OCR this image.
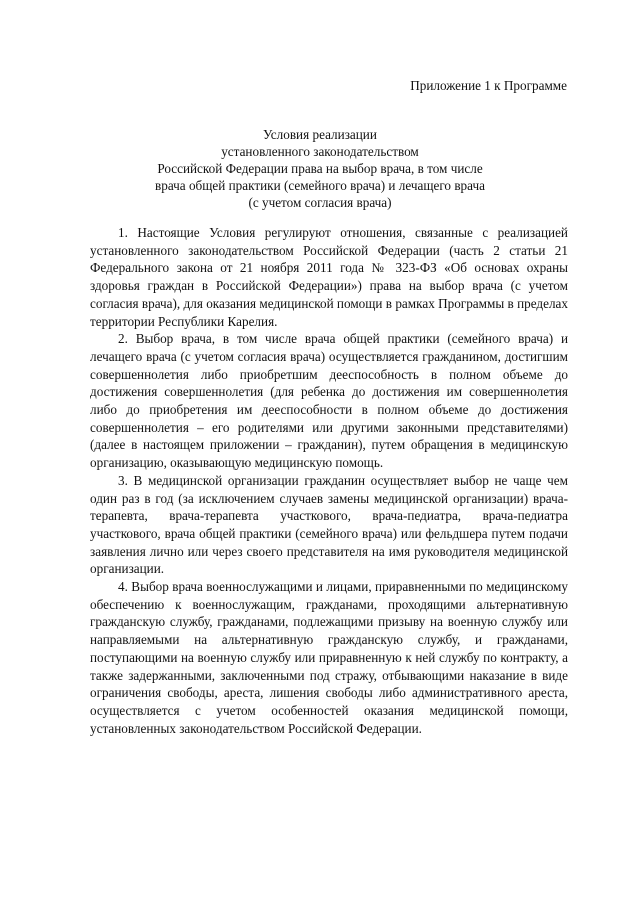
Приложение 1 к Программе
Условия реализации
установленного законодательством
Российской Федерации права на выбор врача, в том числе
врача общей практики (семейного врача) и лечащего врача
(с учетом согласия врача)

1. Настоящие Условия регулируют отношения, связанные с реализацией установленного законодательством Российской Федерации (часть 2 статьи 21 Федерального закона от 21 ноября 2011 года № 323-ФЗ «Об основах охраны здоровья граждан в Российской Федерации») права на выбор врача (с учетом согласия врача), для оказания медицинской помощи в рамках Программы в пределах территории Республики Карелия.

2. Выбор врача, в том числе врача общей практики (семейного врача) и лечащего врача (с учетом согласия врача) осуществляется гражданином, достигшим совершеннолетия либо приобретшим дееспособность в полном объеме до достижения совершеннолетия (для ребенка до достижения им совершеннолетия либо до приобретения им дееспособности в полном объеме до достижения совершеннолетия – его родителями или другими законными представителями) (далее в настоящем приложении – гражданин), путем обращения в медицинскую организацию, оказывающую медицинскую помощь.

3. В медицинской организации гражданин осуществляет выбор не чаще чем один раз в год (за исключением случаев замены медицинской организации) врача-терапевта, врача-терапевта участкового, врача-педиатра, врача-педиатра участкового, врача общей практики (семейного врача) или фельдшера путем подачи заявления лично или через своего представителя на имя руководителя медицинской организации.

4. Выбор врача военнослужащими и лицами, приравненными по медицинскому обеспечению к военнослужащим, гражданами, проходящими альтернативную гражданскую службу, гражданами, подлежащими призыву на военную службу или направляемыми на альтернативную гражданскую службу, и гражданами, поступающими на военную службу или приравненную к ней службу по контракту, а также задержанными, заключенными под стражу, отбывающими наказание в виде ограничения свободы, ареста, лишения свободы либо административного ареста, осуществляется с учетом особенностей оказания медицинской помощи, установленных законодательством Российской Федерации.
